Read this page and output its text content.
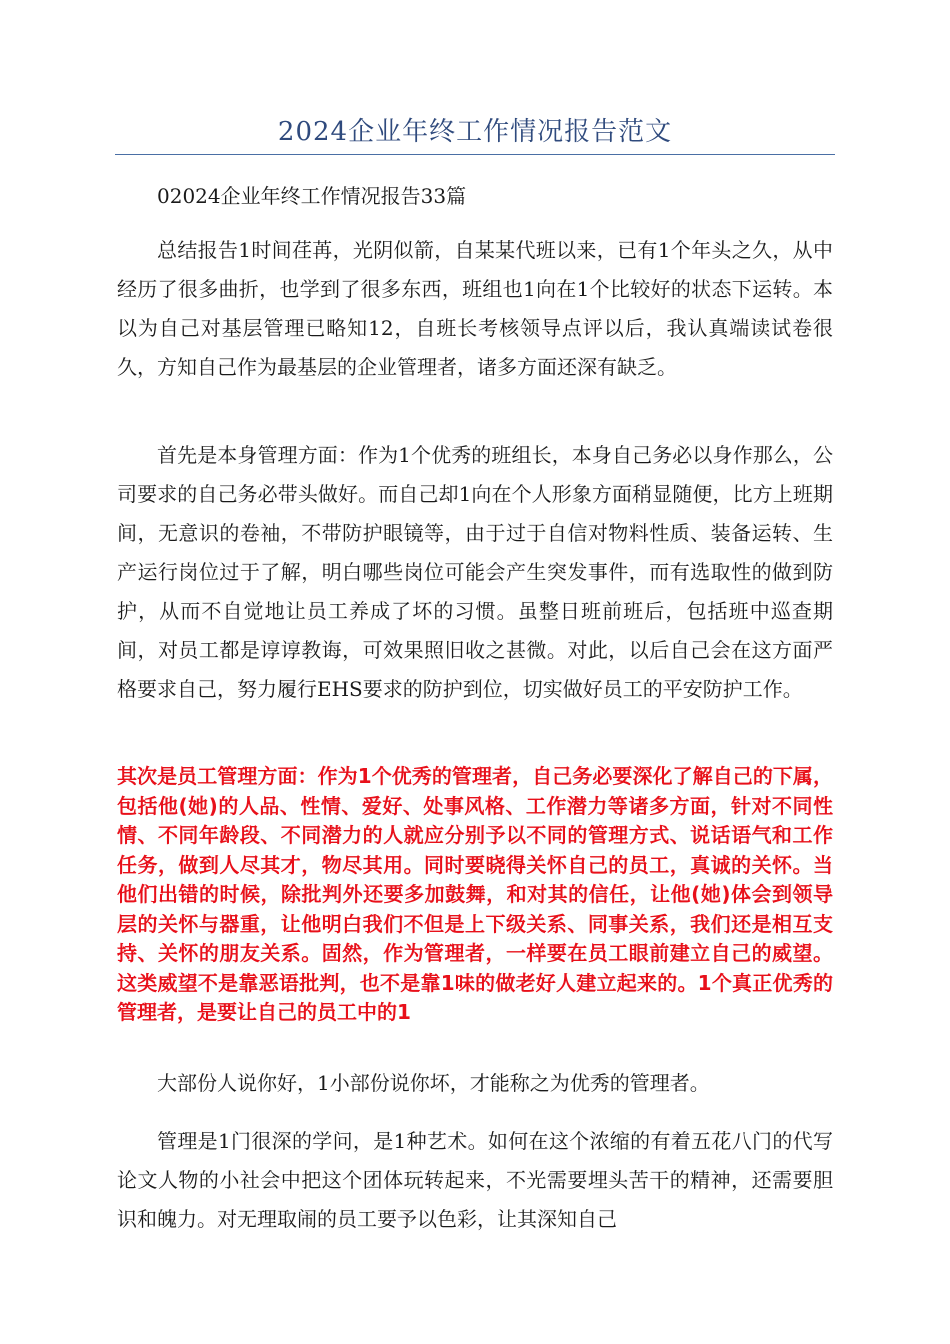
2024企业年终工作情况报告范文

02024企业年终工作情况报告33篇

总结报告1时间荏苒，光阴似箭，自某某代班以来，已有1个年头之久，从中经历了很多曲折，也学到了很多东西，班组也1向在1个比较好的状态下运转。本以为自己对基层管理已略知12，自班长考核领导点评以后，我认真端读试卷很久，方知自己作为最基层的企业管理者，诸多方面还深有缺乏。

首先是本身管理方面：作为1个优秀的班组长，本身自己务必以身作那么，公司要求的自己务必带头做好。而自己却1向在个人形象方面稍显随便，比方上班期间，无意识的卷袖，不带防护眼镜等，由于过于自信对物料性质、装备运转、生产运行岗位过于了解，明白哪些岗位可能会产生突发事件，而有选取性的做到防护，从而不自觉地让员工养成了坏的习惯。虽整日班前班后，包括班中巡查期间，对员工都是谆谆教诲，可效果照旧收之甚微。对此，以后自己会在这方面严格要求自己，努力履行EHS要求的防护到位，切实做好员工的平安防护工作。

其次是员工管理方面：作为1个优秀的管理者，自己务必要深化了解自己的下属，包括他(她)的人品、性情、爱好、处事风格、工作潜力等诸多方面，针对不同性情、不同年龄段、不同潜力的人就应分别予以不同的管理方式、说话语气和工作任务，做到人尽其才，物尽其用。同时要晓得关怀自己的员工，真诚的关怀。当他们出错的时候，除批判外还要多加鼓舞，和对其的信任，让他(她)体会到领导层的关怀与器重，让他明白我们不但是上下级关系、同事关系，我们还是相互支持、关怀的朋友关系。固然，作为管理者，一样要在员工眼前建立自己的威望。这类威望不是靠恶语批判，也不是靠1味的做老好人建立起来的。1个真正优秀的管理者，是要让自己的员工中的1

大部份人说你好，1小部份说你坏，才能称之为优秀的管理者。

管理是1门很深的学问，是1种艺术。如何在这个浓缩的有着五花八门的代写论文人物的小社会中把这个团体玩转起来，不光需要埋头苦干的精神，还需要胆识和魄力。对无理取闹的员工要予以色彩，让其深知自己
